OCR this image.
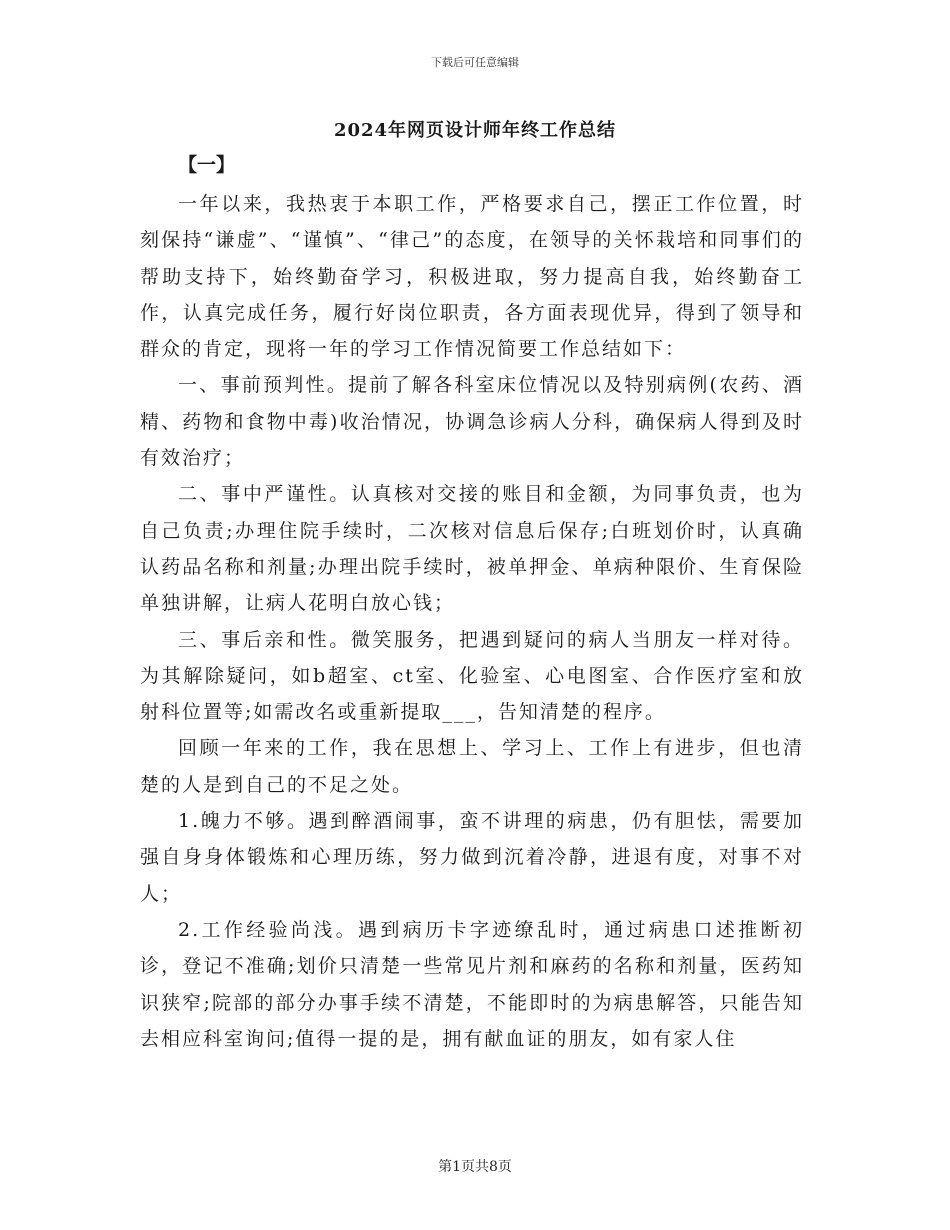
下载后可任意编辑
2024年网页设计师年终工作总结
【一】

一年以来，我热衷于本职工作，严格要求自己，摆正工作位置，时刻保持“谦虚”、“谨慎”、“律己”的态度，在领导的关怀栽培和同事们的帮助支持下，始终勤奋学习，积极进取，努力提高自我，始终勤奋工作，认真完成任务，履行好岗位职责，各方面表现优异，得到了领导和群众的肯定，现将一年的学习工作情况简要工作总结如下：

一、事前预判性。提前了解各科室床位情况以及特别病例(农药、酒精、药物和食物中毒)收治情况，协调急诊病人分科，确保病人得到及时有效治疗；

二、事中严谨性。认真核对交接的账目和金额，为同事负责，也为自己负责;办理住院手续时，二次核对信息后保存;白班划价时，认真确认药品名称和剂量;办理出院手续时，被单押金、单病种限价、生育保险单独讲解，让病人花明白放心钱；

三、事后亲和性。微笑服务，把遇到疑问的病人当朋友一样对待。为其解除疑问，如b超室、ct室、化验室、心电图室、合作医疗室和放射科位置等;如需改名或重新提取___，告知清楚的程序。

回顾一年来的工作，我在思想上、学习上、工作上有进步，但也清楚的人是到自己的不足之处。

1.魄力不够。遇到醉酒闹事，蛮不讲理的病患，仍有胆怯，需要加强自身身体锻炼和心理历练，努力做到沉着冷静，进退有度，对事不对人；

2.工作经验尚浅。遇到病历卡字迹缭乱时，通过病患口述推断初诊，登记不准确;划价只清楚一些常见片剂和麻药的名称和剂量，医药知识狭窄;院部的部分办事手续不清楚，不能即时的为病患解答，只能告知去相应科室询问;值得一提的是，拥有献血证的朋友，如有家人住

第1页共8页
